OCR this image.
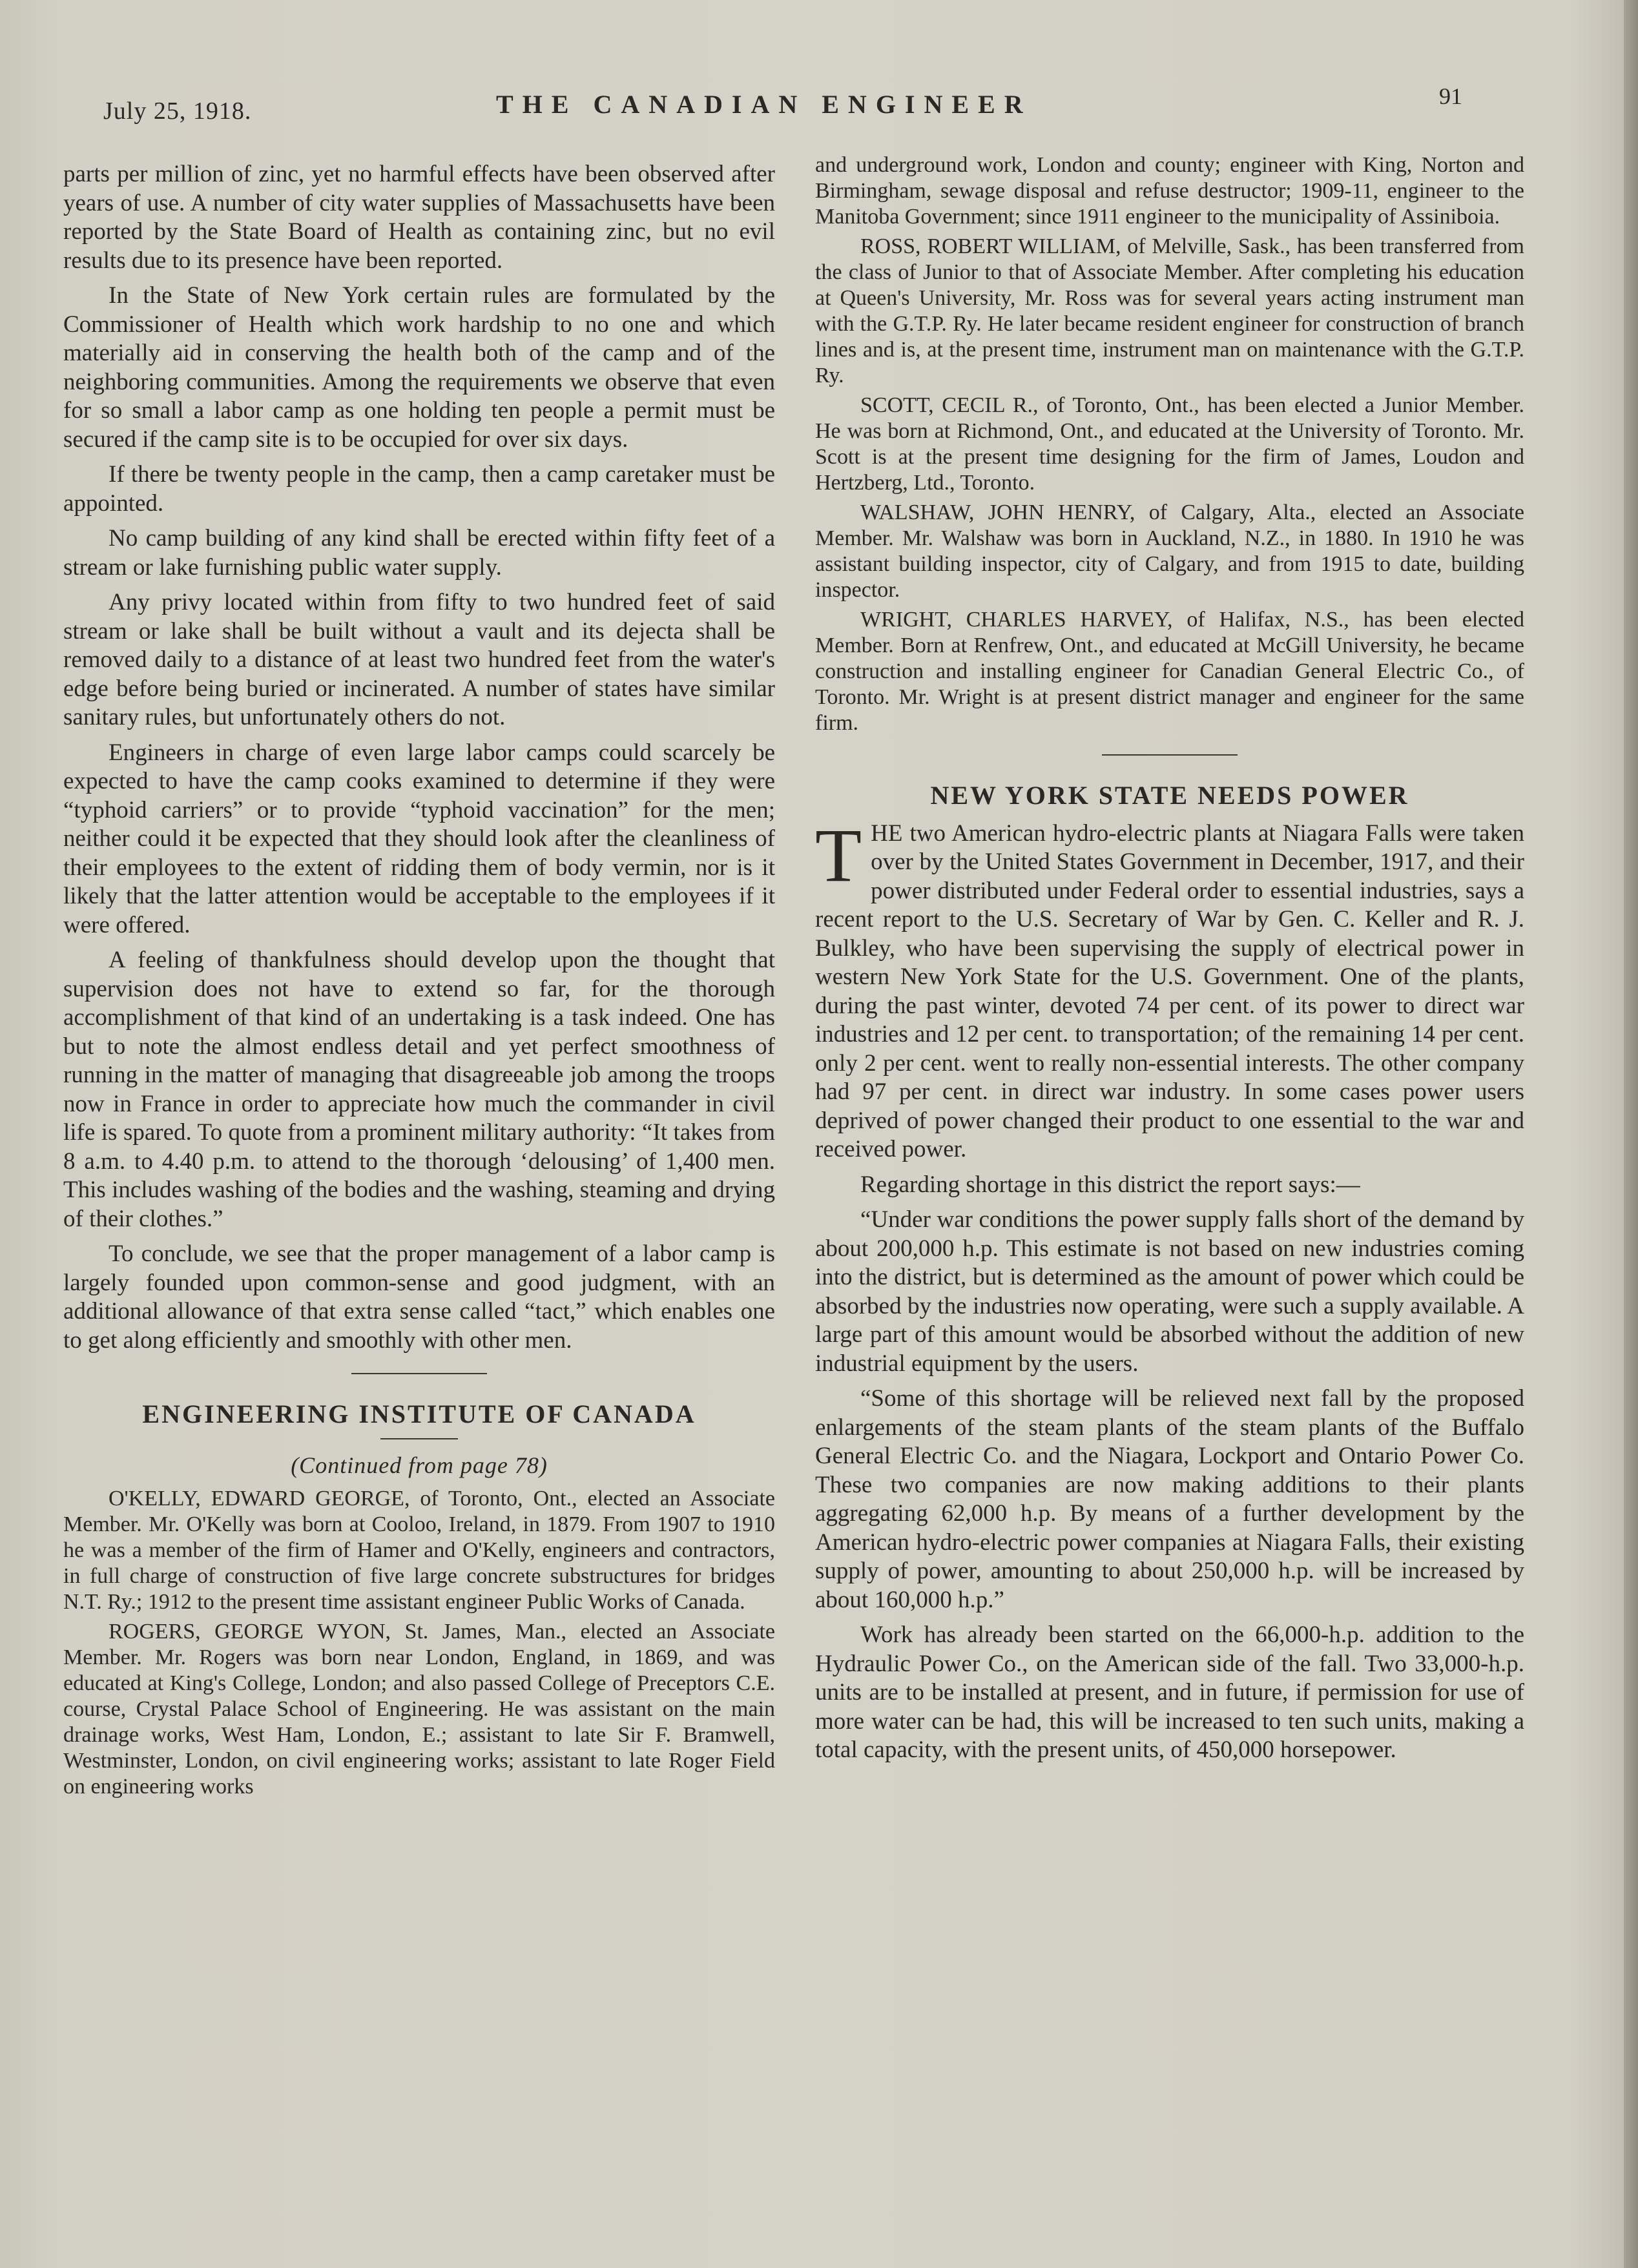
July 25, 1918.	THE CANADIAN ENGINEER	91

parts per million of zinc, yet no harmful effects have been observed after years of use. A number of city water supplies of Massachusetts have been reported by the State Board of Health as containing zinc, but no evil results due to its presence have been reported.

In the State of New York certain rules are formulated by the Commissioner of Health which work hardship to no one and which materially aid in conserving the health both of the camp and of the neighboring communities. Among the requirements we observe that even for so small a labor camp as one holding ten people a permit must be secured if the camp site is to be occupied for over six days.

If there be twenty people in the camp, then a camp caretaker must be appointed.

No camp building of any kind shall be erected within fifty feet of a stream or lake furnishing public water supply.

Any privy located within from fifty to two hundred feet of said stream or lake shall be built without a vault and its dejecta shall be removed daily to a distance of at least two hundred feet from the water's edge before being buried or incinerated. A number of states have similar sanitary rules, but unfortunately others do not.

Engineers in charge of even large labor camps could scarcely be expected to have the camp cooks examined to determine if they were “typhoid carriers” or to provide “typhoid vaccination” for the men; neither could it be expected that they should look after the cleanliness of their employees to the extent of ridding them of body vermin, nor is it likely that the latter attention would be acceptable to the employees if it were offered.

A feeling of thankfulness should develop upon the thought that supervision does not have to extend so far, for the thorough accomplishment of that kind of an undertaking is a task indeed. One has but to note the almost endless detail and yet perfect smoothness of running in the matter of managing that disagreeable job among the troops now in France in order to appreciate how much the commander in civil life is spared. To quote from a prominent military authority: “It takes from 8 a.m. to 4.40 p.m. to attend to the thorough ‘delousing’ of 1,400 men. This includes washing of the bodies and the washing, steaming and drying of their clothes.”

To conclude, we see that the proper management of a labor camp is largely founded upon common-sense and good judgment, with an additional allowance of that extra sense called “tact,” which enables one to get along efficiently and smoothly with other men.

ENGINEERING INSTITUTE OF CANADA
(Continued from page 78)

O'KELLY, EDWARD GEORGE, of Toronto, Ont., elected an Associate Member. Mr. O'Kelly was born at Cooloo, Ireland, in 1879. From 1907 to 1910 he was a member of the firm of Hamer and O'Kelly, engineers and contractors, in full charge of construction of five large concrete substructures for bridges N.T. Ry.; 1912 to the present time assistant engineer Public Works of Canada.

ROGERS, GEORGE WYON, St. James, Man., elected an Associate Member. Mr. Rogers was born near London, England, in 1869, and was educated at King's College, London; and also passed College of Preceptors C.E. course, Crystal Palace School of Engineering. He was assistant on the main drainage works, West Ham, London, E.; assistant to late Sir F. Bramwell, Westminster, London, on civil engineering works; assistant to late Roger Field on engineering works

and underground work, London and county; engineer with King, Norton and Birmingham, sewage disposal and refuse destructor; 1909-11, engineer to the Manitoba Government; since 1911 engineer to the municipality of Assiniboia.

ROSS, ROBERT WILLIAM, of Melville, Sask., has been transferred from the class of Junior to that of Associate Member. After completing his education at Queen's University, Mr. Ross was for several years acting instrument man with the G.T.P. Ry. He later became resident engineer for construction of branch lines and is, at the present time, instrument man on maintenance with the G.T.P. Ry.

SCOTT, CECIL R., of Toronto, Ont., has been elected a Junior Member. He was born at Richmond, Ont., and educated at the University of Toronto. Mr. Scott is at the present time designing for the firm of James, Loudon and Hertzberg, Ltd., Toronto.

WALSHAW, JOHN HENRY, of Calgary, Alta., elected an Associate Member. Mr. Walshaw was born in Auckland, N.Z., in 1880. In 1910 he was assistant building inspector, city of Calgary, and from 1915 to date, building inspector.

WRIGHT, CHARLES HARVEY, of Halifax, N.S., has been elected Member. Born at Renfrew, Ont., and educated at McGill University, he became construction and installing engineer for Canadian General Electric Co., of Toronto. Mr. Wright is at present district manager and engineer for the same firm.

NEW YORK STATE NEEDS POWER

THE two American hydro-electric plants at Niagara Falls were taken over by the United States Government in December, 1917, and their power distributed under Federal order to essential industries, says a recent report to the U.S. Secretary of War by Gen. C. Keller and R. J. Bulkley, who have been supervising the supply of electrical power in western New York State for the U.S. Government. One of the plants, during the past winter, devoted 74 per cent. of its power to direct war industries and 12 per cent. to transportation; of the remaining 14 per cent. only 2 per cent. went to really non-essential interests. The other company had 97 per cent. in direct war industry. In some cases power users deprived of power changed their product to one essential to the war and received power.

Regarding shortage in this district the report says:—

“Under war conditions the power supply falls short of the demand by about 200,000 h.p. This estimate is not based on new industries coming into the district, but is determined as the amount of power which could be absorbed by the industries now operating, were such a supply available. A large part of this amount would be absorbed without the addition of new industrial equipment by the users.

“Some of this shortage will be relieved next fall by the proposed enlargements of the steam plants of the steam plants of the Buffalo General Electric Co. and the Niagara, Lockport and Ontario Power Co. These two companies are now making additions to their plants aggregating 62,000 h.p. By means of a further development by the American hydro-electric power companies at Niagara Falls, their existing supply of power, amounting to about 250,000 h.p. will be increased by about 160,000 h.p.”

Work has already been started on the 66,000-h.p. addition to the Hydraulic Power Co., on the American side of the fall. Two 33,000-h.p. units are to be installed at present, and in future, if permission for use of more water can be had, this will be increased to ten such units, making a total capacity, with the present units, of 450,000 horsepower.
